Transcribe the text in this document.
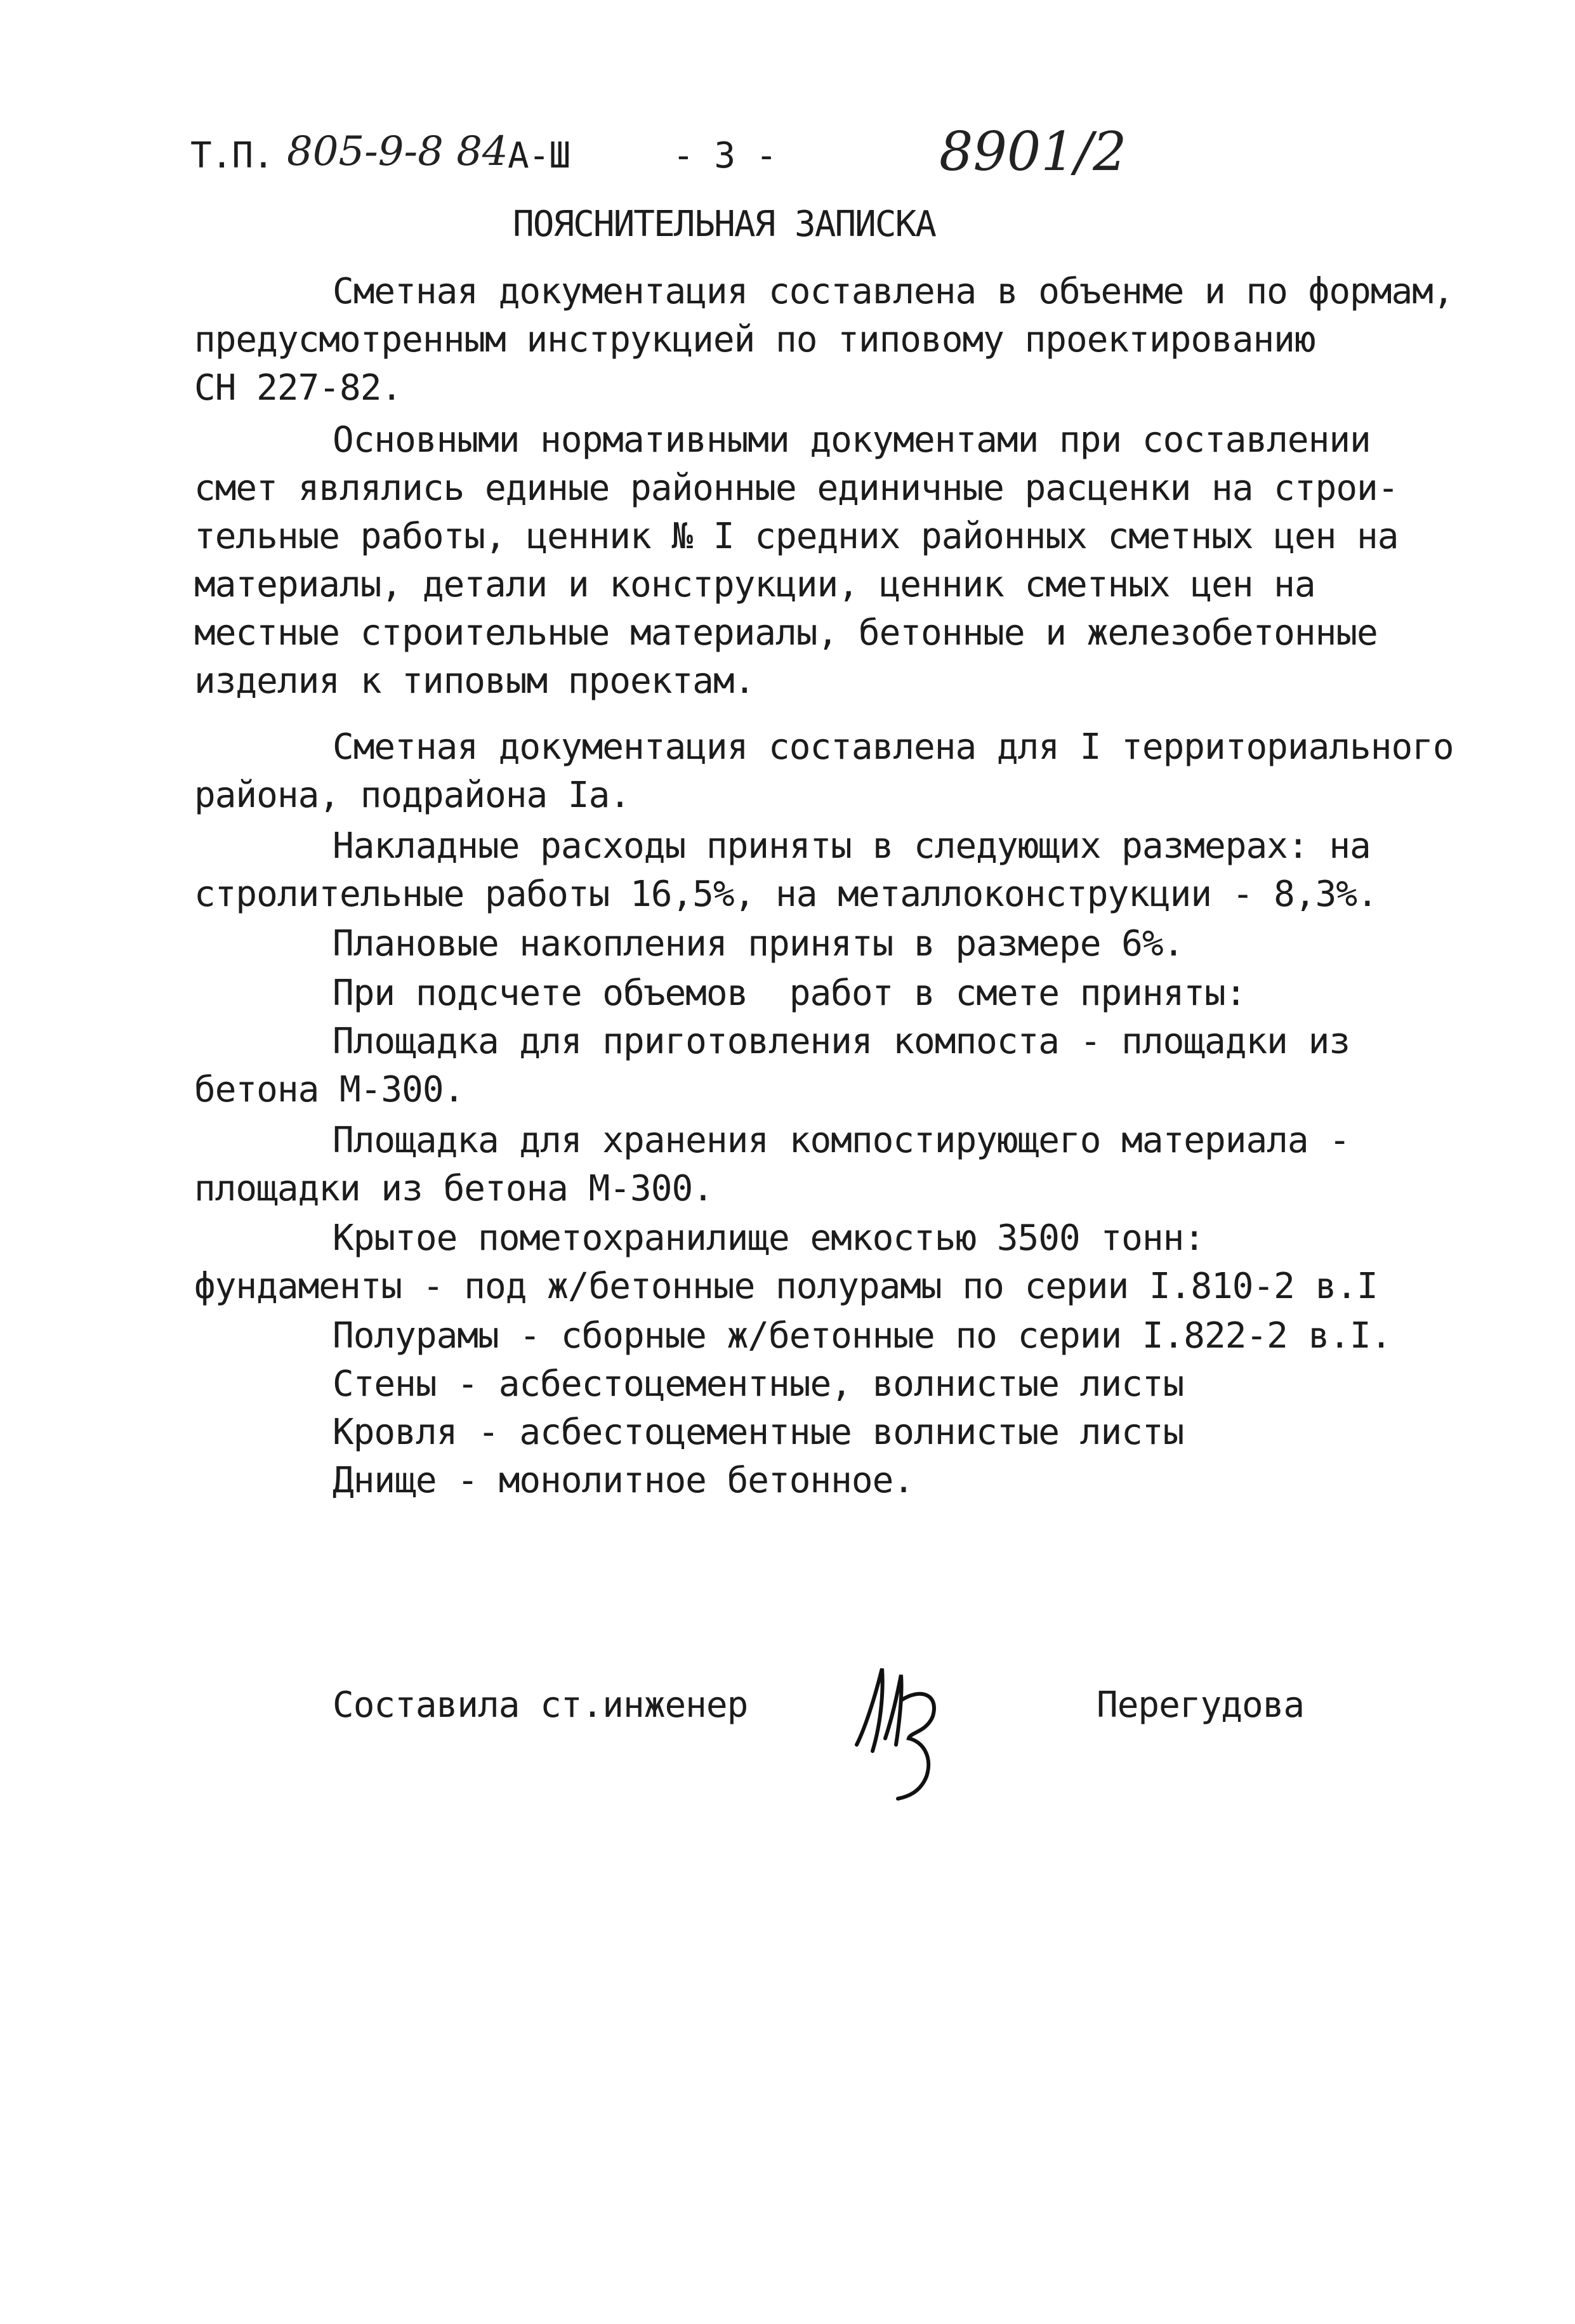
Т.П. 805-9-8 84 А-Ш	- 3 -	8901/2
ПОЯСНИТЕЛЬНАЯ ЗАПИСКА
Сметная документация составлена в объенме и по формам,
предусмотренным инструкцией по типовому проектированию
СН 227-82.
Основными нормативными документами при составлении
смет являлись единые районные единичные расценки на строи-
тельные работы, ценник № I средних районных сметных цен на
материалы, детали и конструкции, ценник сметных цен на
местные строительные материалы, бетонные и железобетонные
изделия к типовым проектам.
Сметная документация составлена для I территориального
района, подрайона Iа.
Накладные расходы приняты в следующих размерах: на
стролительные работы 16,5%, на металлоконструкции - 8,3%.
Плановые накопления приняты в размере 6%.
При подсчете объемов  работ в смете приняты:
Площадка для приготовления компоста - площадки из
бетона М-300.
Площадка для хранения компостирующего материала -
площадки из бетона М-300.
Крытое пометохранилище емкостью 3500 тонн:
фундаменты - под ж/бетонные полурамы по серии I.810-2 в.I
Полурамы - сборные ж/бетонные по серии I.822-2 в.I.
Стены - асбестоцементные, волнистые листы
Кровля - асбестоцементные волнистые листы
Днище - монолитное бетонное.
Составила ст.инженер	Перегудова
